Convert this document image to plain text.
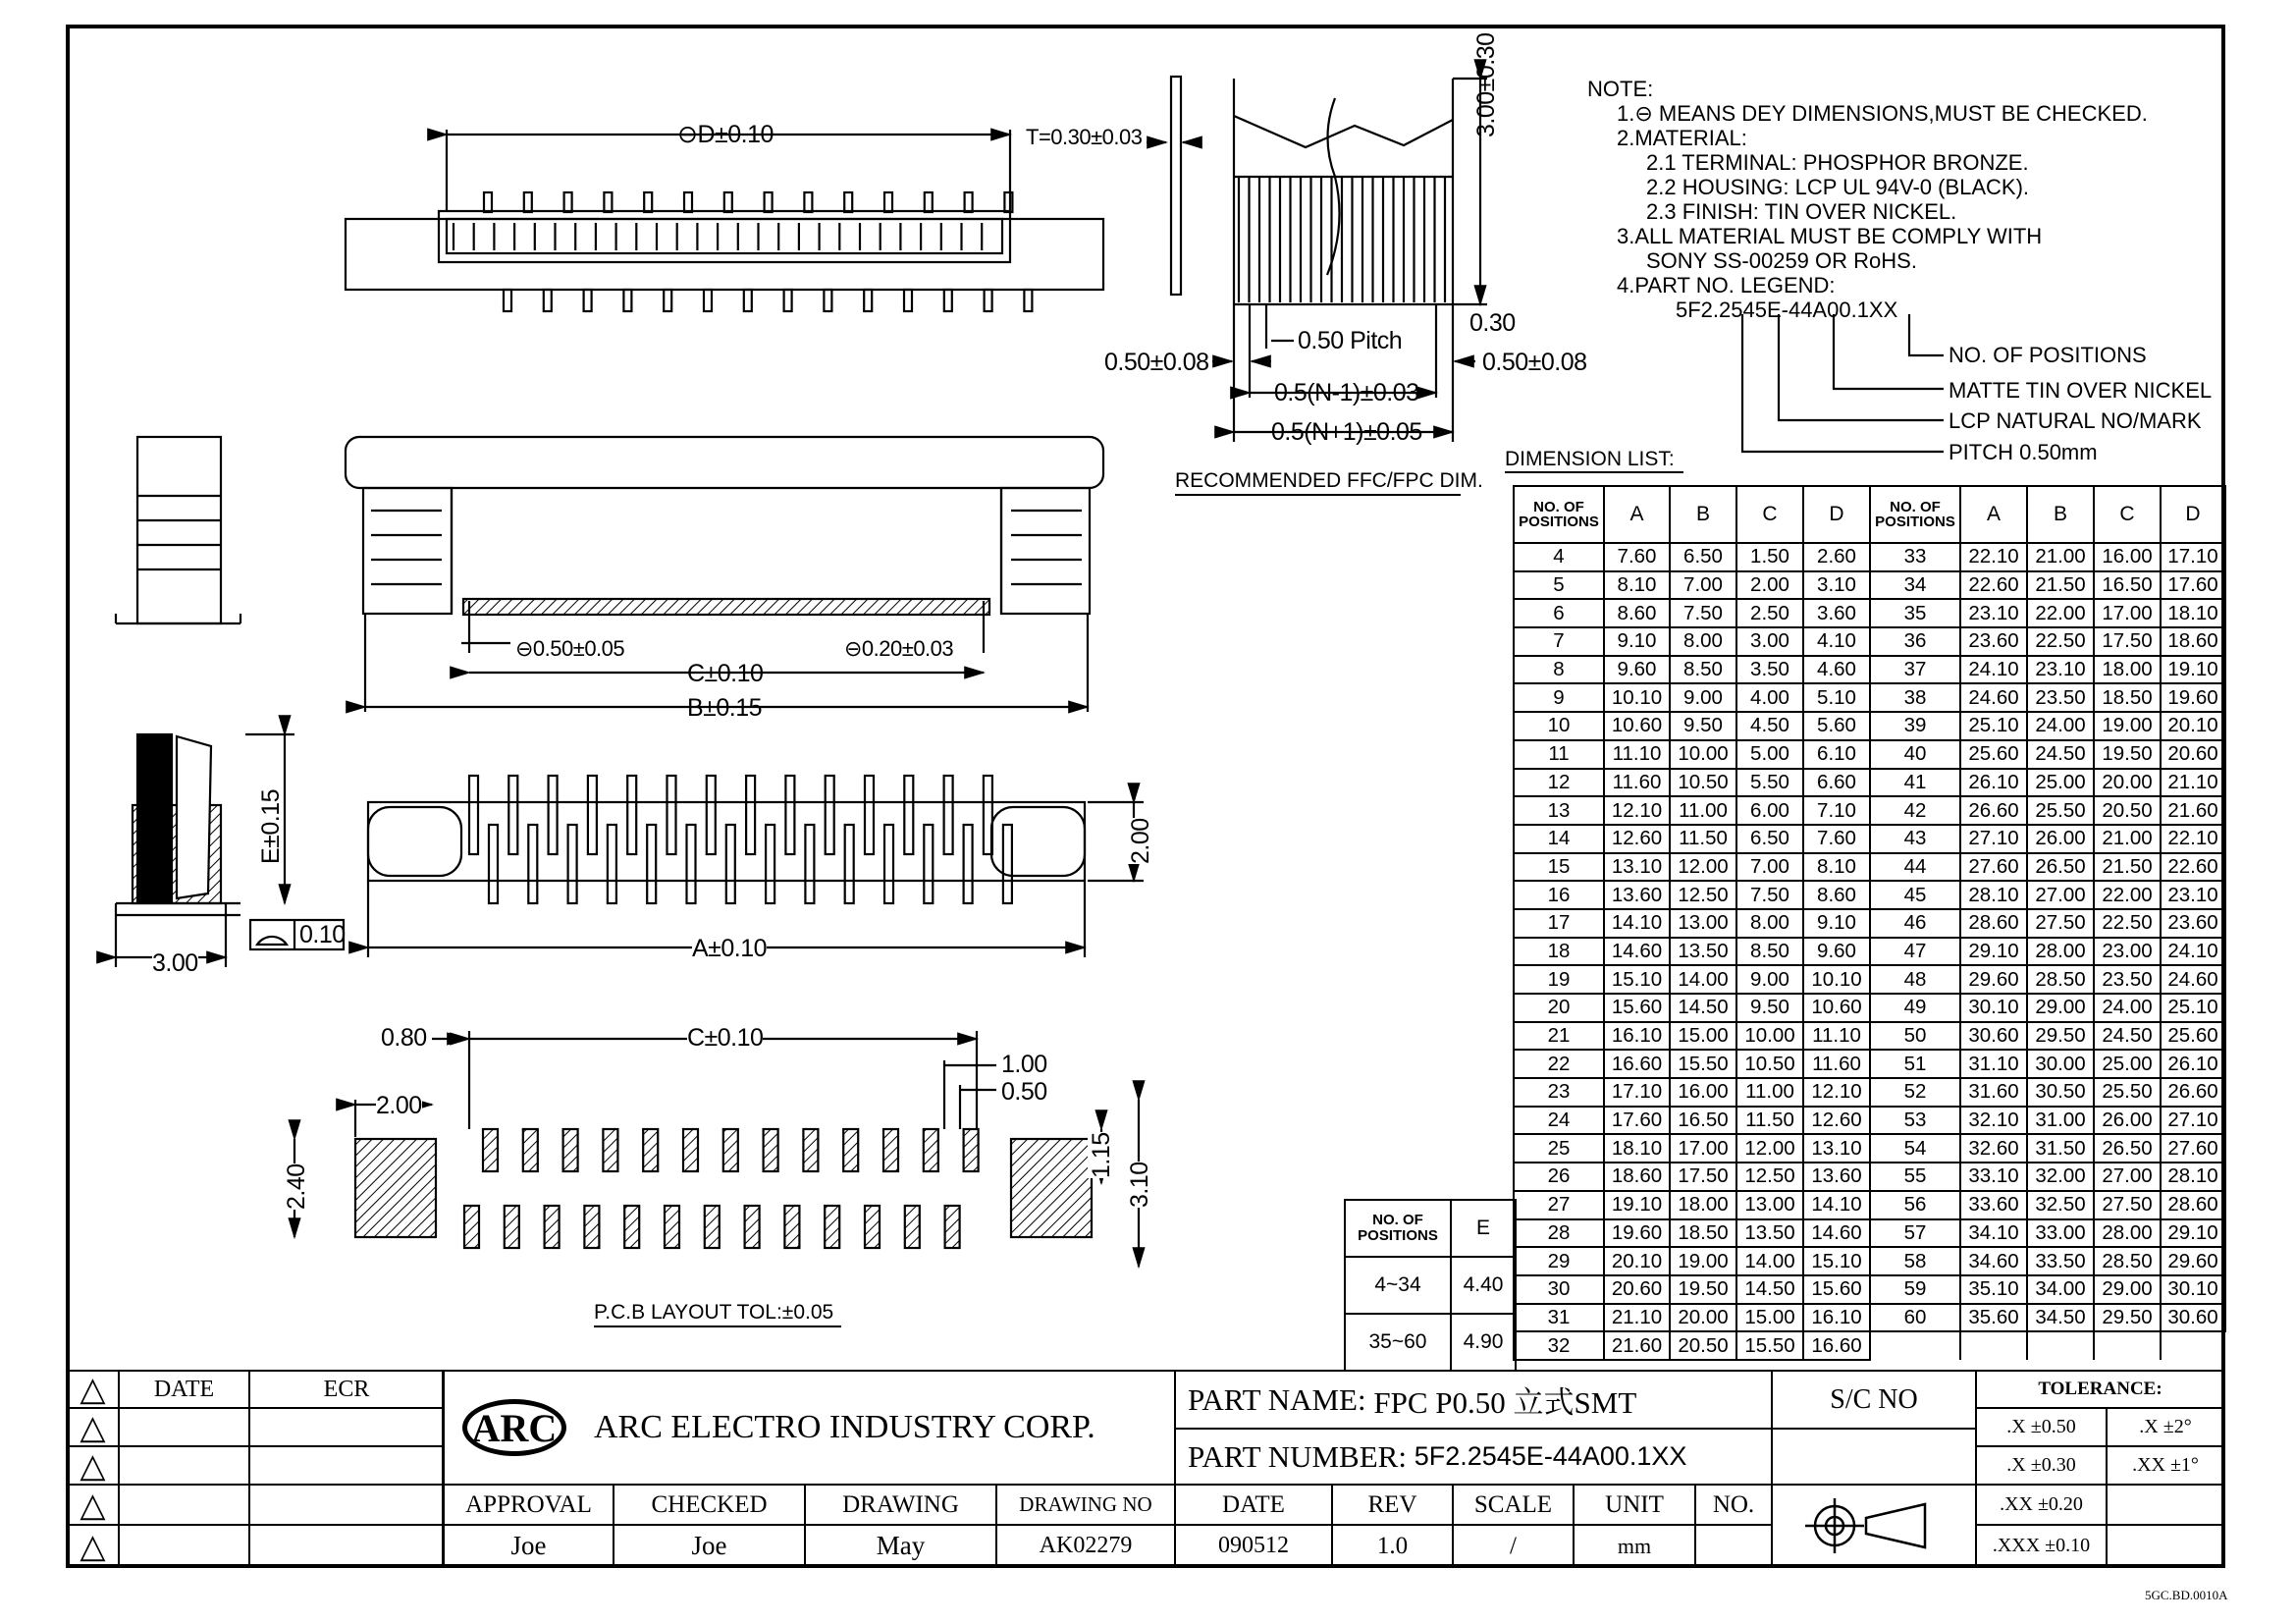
⊖D±0.10	T=0.30±0.03	3.00±0.30
0.30
0.50 Pitch
0.50±0.08	0.50±0.08
0.5(N-1)±0.03
0.5(N+1)±0.05
RECOMMENDED FFC/FPC DIM.
⊖0.50±0.05	⊖0.20±0.03
C±0.10
B±0.15
E±0.15
0.10
3.00
2.00
A±0.10
0.80	C±0.10
1.00
0.50
2.00
2.40
1.15
3.10
P.C.B LAYOUT TOL:±0.05
NOTE:
1.⊖ MEANS DEY DIMENSIONS,MUST BE CHECKED.
2.MATERIAL:
2.1 TERMINAL: PHOSPHOR BRONZE.
2.2 HOUSING: LCP UL 94V-0 (BLACK).
2.3 FINISH: TIN OVER NICKEL.
3.ALL MATERIAL MUST BE COMPLY WITH
SONY SS-00259 OR RoHS.
4.PART NO. LEGEND:
5F2.2545E-44A00.1XX
NO. OF POSITIONS
MATTE TIN OVER NICKEL
LCP NATURAL NO/MARK
PITCH 0.50mm
DIMENSION LIST:
NO. OF POSITIONS	A	B	C	D	NO. OF POSITIONS	A	B	C	D
4	7.60	6.50	1.50	2.60	33	22.10	21.00	16.00	17.10
5	8.10	7.00	2.00	3.10	34	22.60	21.50	16.50	17.60
6	8.60	7.50	2.50	3.60	35	23.10	22.00	17.00	18.10
7	9.10	8.00	3.00	4.10	36	23.60	22.50	17.50	18.60
8	9.60	8.50	3.50	4.60	37	24.10	23.10	18.00	19.10
9	10.10	9.00	4.00	5.10	38	24.60	23.50	18.50	19.60
10	10.60	9.50	4.50	5.60	39	25.10	24.00	19.00	20.10
11	11.10	10.00	5.00	6.10	40	25.60	24.50	19.50	20.60
12	11.60	10.50	5.50	6.60	41	26.10	25.00	20.00	21.10
13	12.10	11.00	6.00	7.10	42	26.60	25.50	20.50	21.60
14	12.60	11.50	6.50	7.60	43	27.10	26.00	21.00	22.10
15	13.10	12.00	7.00	8.10	44	27.60	26.50	21.50	22.60
16	13.60	12.50	7.50	8.60	45	28.10	27.00	22.00	23.10
17	14.10	13.00	8.00	9.10	46	28.60	27.50	22.50	23.60
18	14.60	13.50	8.50	9.60	47	29.10	28.00	23.00	24.10
19	15.10	14.00	9.00	10.10	48	29.60	28.50	23.50	24.60
20	15.60	14.50	9.50	10.60	49	30.10	29.00	24.00	25.10
21	16.10	15.00	10.00	11.10	50	30.60	29.50	24.50	25.60
22	16.60	15.50	10.50	11.60	51	31.10	30.00	25.00	26.10
23	17.10	16.00	11.00	12.10	52	31.60	30.50	25.50	26.60
24	17.60	16.50	11.50	12.60	53	32.10	31.00	26.00	27.10
25	18.10	17.00	12.00	13.10	54	32.60	31.50	26.50	27.60
26	18.60	17.50	12.50	13.60	55	33.10	32.00	27.00	28.10
27	19.10	18.00	13.00	14.10	56	33.60	32.50	27.50	28.60
28	19.60	18.50	13.50	14.60	57	34.10	33.00	28.00	29.10
29	20.10	19.00	14.00	15.10	58	34.60	33.50	28.50	29.60
30	20.60	19.50	14.50	15.60	59	35.10	34.00	29.00	30.10
31	21.10	20.00	15.00	16.10	60	35.60	34.50	29.50	30.60
32	21.60	20.50	15.50	16.60					
NO. OF POSITIONS	E
4~34	4.40
35~60	4.90
△
△
△
△
△
DATE	ECR
ARC ARC ELECTRO INDUSTRY CORP.
PART NAME:
FPC P0.50 立式SMT
PART NUMBER:
5F2.2545E-44A00.1XX
S/C NO	TOLERANCE:
.X ±0.50	.X ±2°
.X ±0.30	.XX ±1°
.XX ±0.20
.XXX ±0.10
APPROVAL	CHECKED	DRAWING	DRAWING NO	DATE	REV	SCALE	UNIT	NO.
Joe	Joe	May	AK02279	090512	1.0	/	mm
5GC.BD.0010A
